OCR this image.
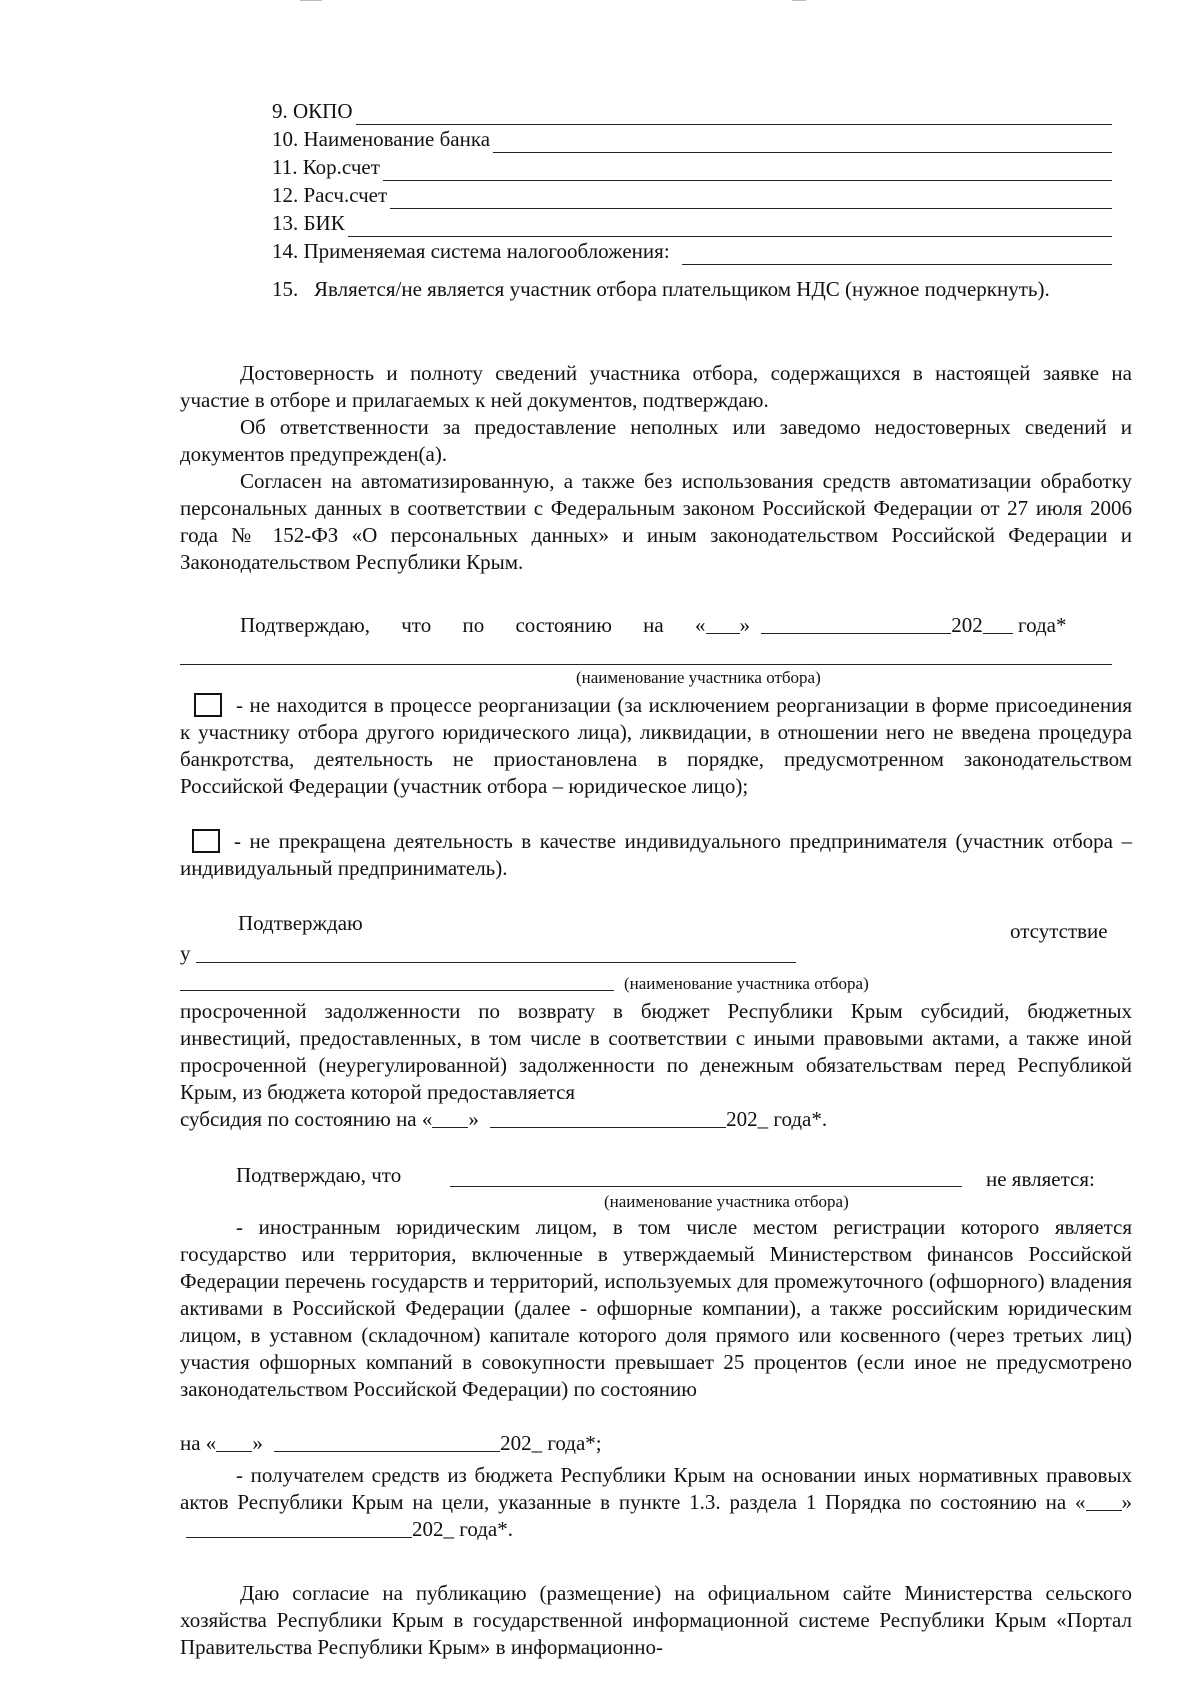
9. ОКПО
10. Наименование банка
11. Кор.счет
12. Расч.счет
13. БИК
14. Применяемая система налогообложения:
15. Является/не является участник отбора плательщиком НДС (нужное подчеркнуть).
Достоверность и полноту сведений участника отбора, содержащихся в настоящей заявке на участие в отборе и прилагаемых к ней документов, подтверждаю.
Об ответственности за предоставление неполных или заведомо недостоверных сведений и документов предупрежден(а).
Согласен на автоматизированную, а также без использования средств автоматизации обработку персональных данных в соответствии с Федеральным законом Российской Федерации от 27 июля 2006 года № 152-ФЗ «О персональных данных» и иным законодательством Российской Федерации и Законодательством Республики Крым.
Подтверждаю, что по состоянию на « »	202 года*
(наименование участника отбора)
- не находится в процессе реорганизации (за исключением реорганизации в форме присоединения к участнику отбора другого юридического лица), ликвидации, в отношении него не введена процедура банкротства, деятельность не приостановлена в порядке, предусмотренном законодательством Российской Федерации (участник отбора – юридическое лицо);
- не прекращена деятельность в качестве индивидуального предпринимателя (участник отбора – индивидуальный предприниматель).
Подтверждаю	отсутствие
у
(наименование участника отбора)
просроченной задолженности по возврату в бюджет Республики Крым субсидий, бюджетных инвестиций, предоставленных, в том числе в соответствии с иными правовыми актами, а также иной просроченной (неурегулированной) задолженности по денежным обязательствам перед Республикой Крым, из бюджета которой предоставляется
субсидия по состоянию на « »	202_ года*.
Подтверждаю, что	не является:
(наименование участника отбора)
- иностранным юридическим лицом, в том числе местом регистрации которого является государство или территория, включенные в утверждаемый Министерством финансов Российской Федерации перечень государств и территорий, используемых для промежуточного (офшорного) владения активами в Российской Федерации (далее - офшорные компании), а также российским юридическим лицом, в уставном (складочном) капитале которого доля прямого или косвенного (через третьих лиц) участия офшорных компаний в совокупности превышает 25 процентов (если иное не предусмотрено законодательством Российской Федерации) по состоянию
на « »	202_ года*;
- получателем средств из бюджета Республики Крым на основании иных нормативных правовых актов Республики Крым на цели, указанные в пункте 1.3. раздела 1 Порядка по состоянию на « » 202_ года*.
Даю согласие на публикацию (размещение) на официальном сайте Министерства сельского хозяйства Республики Крым в государственной информационной системе Республики Крым «Портал Правительства Республики Крым» в информационно-
